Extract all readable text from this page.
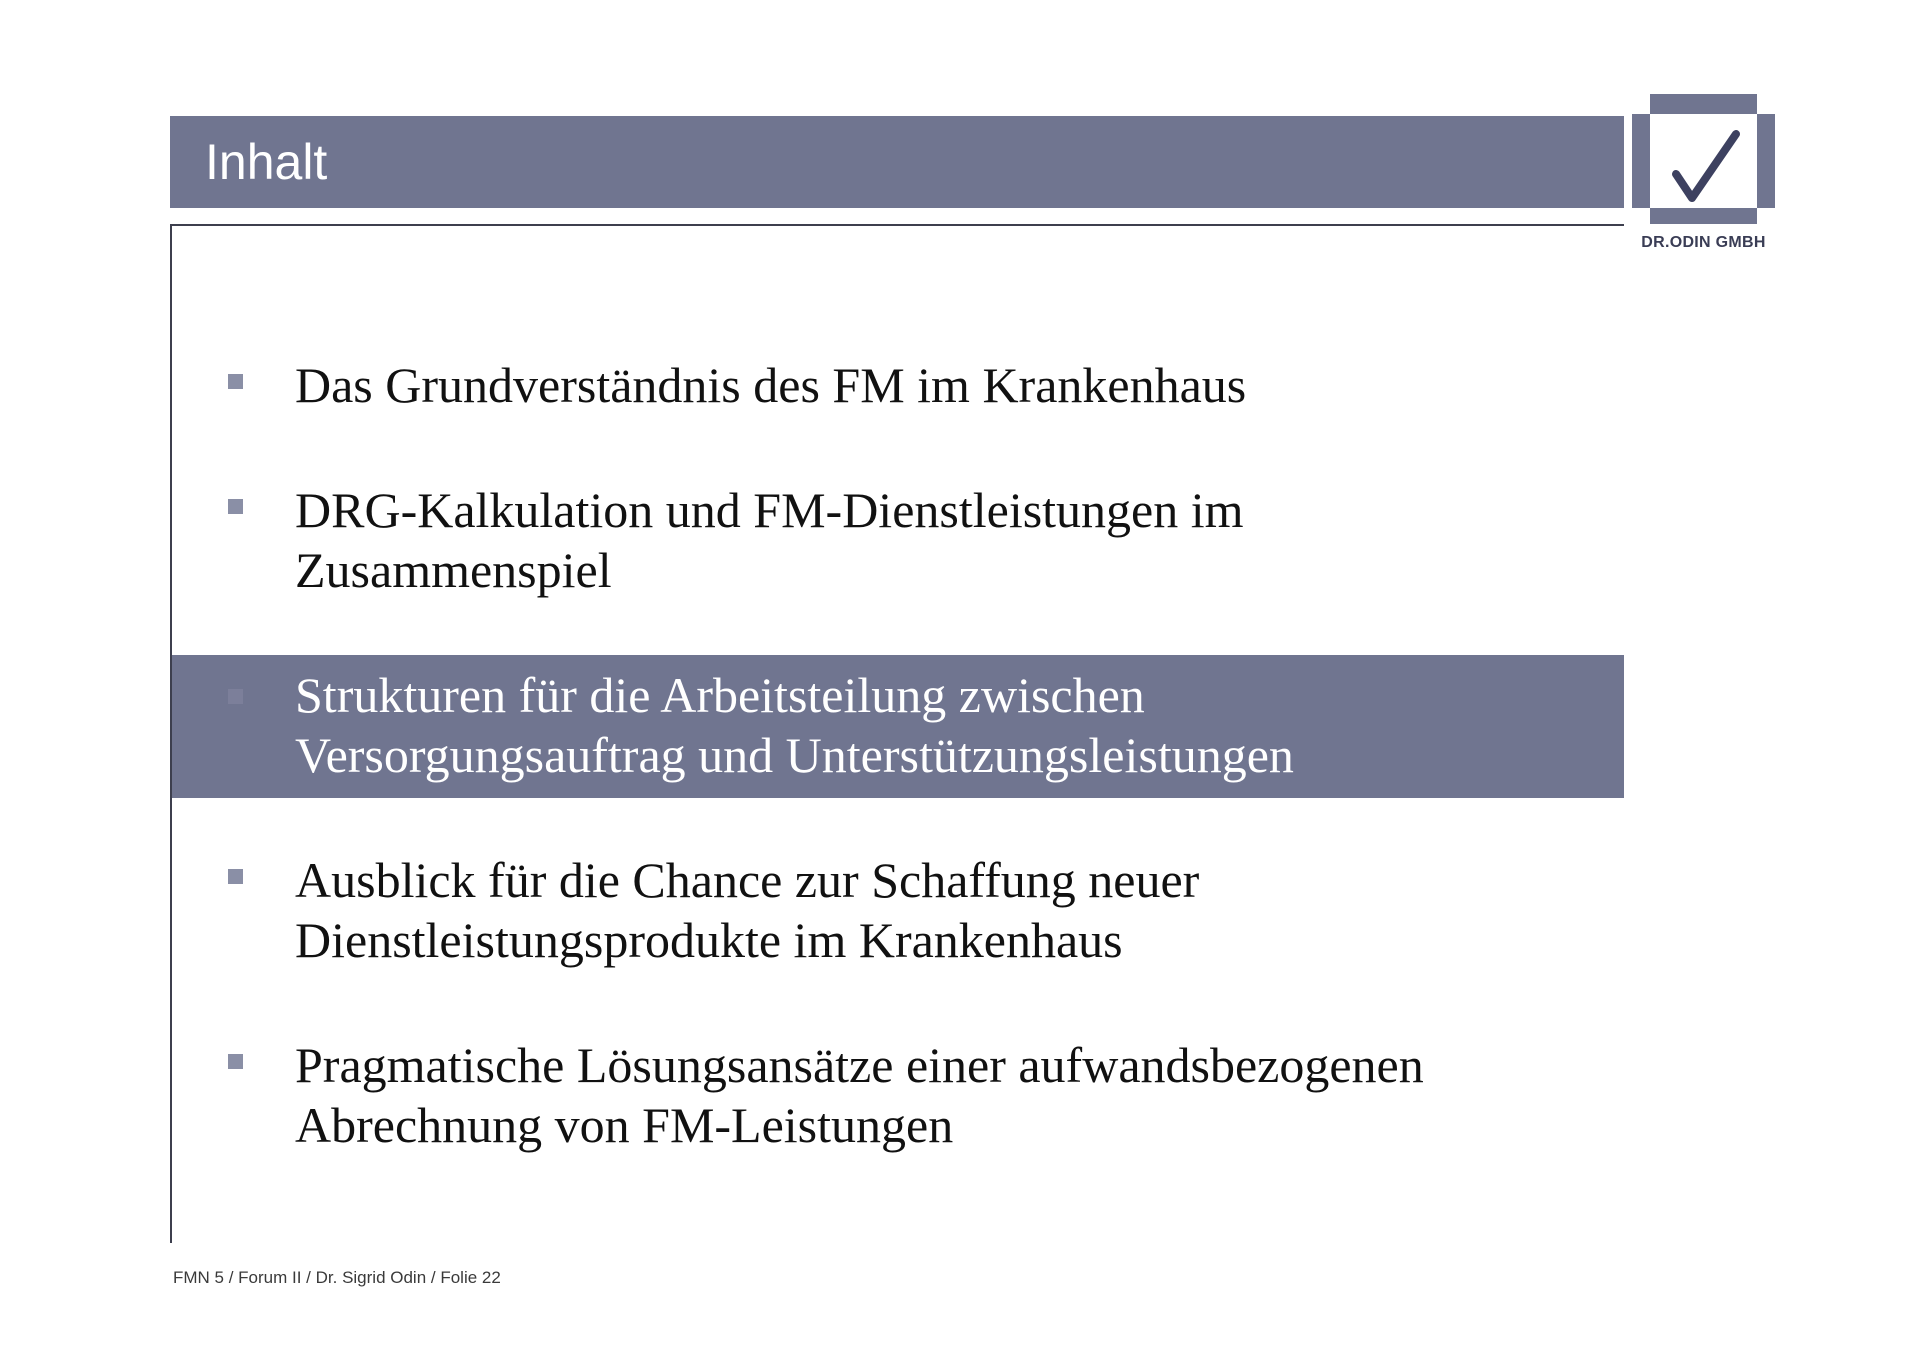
Inhalt
DR.ODIN GMBH
Das Grundverständnis des FM im Krankenhaus
DRG-Kalkulation und FM-Dienstleistungen im
Zusammenspiel
Strukturen für die Arbeitsteilung zwischen
Versorgungsauftrag und Unterstützungsleistungen
Ausblick für die Chance zur Schaffung neuer
Dienstleistungsprodukte im Krankenhaus
Pragmatische Lösungsansätze einer aufwandsbezogenen
Abrechnung von FM-Leistungen
FMN 5 / Forum II / Dr. Sigrid Odin / Folie 22
